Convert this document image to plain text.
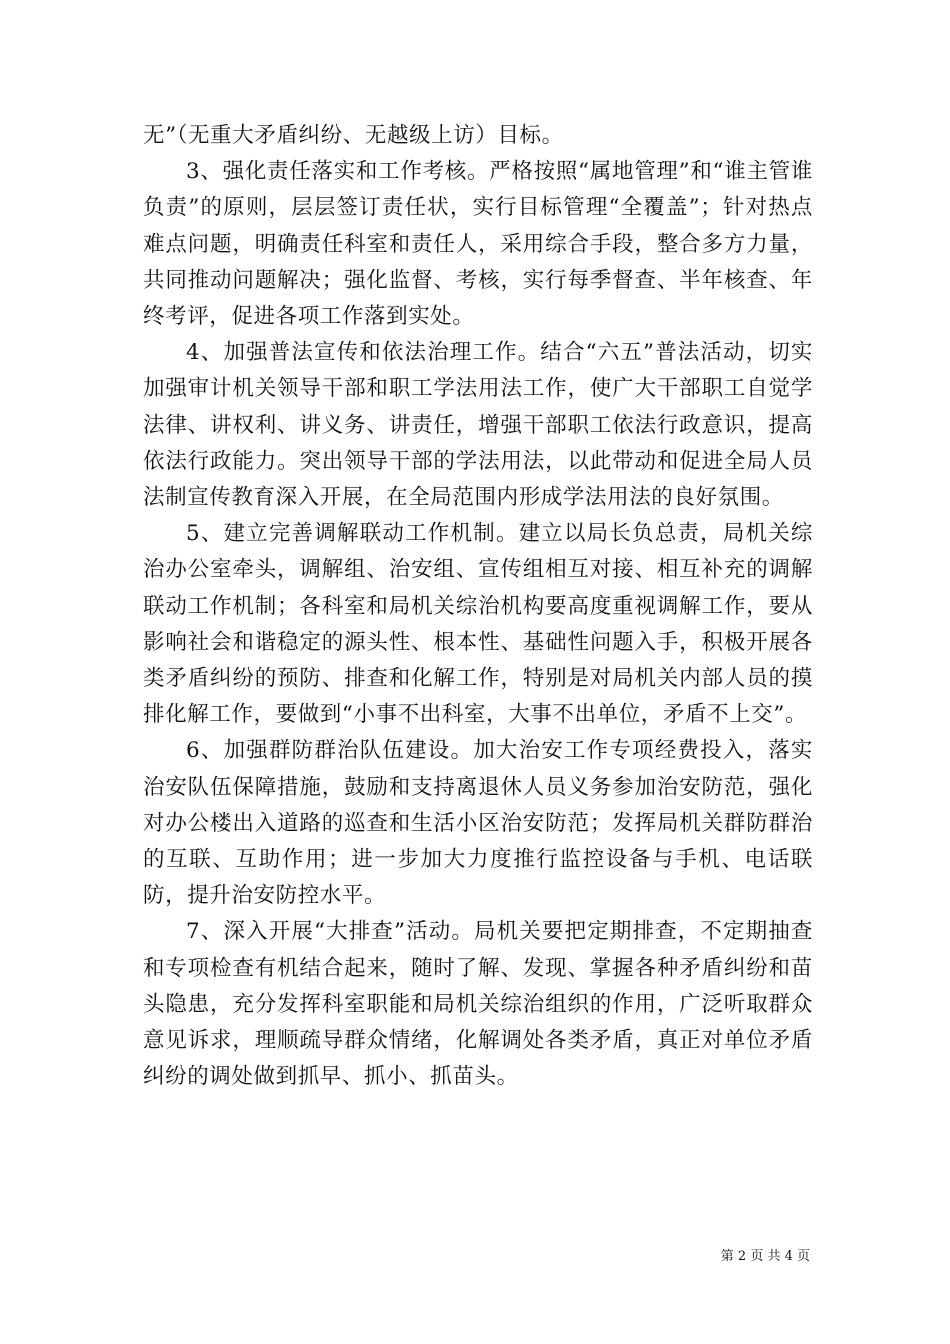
无”（无重大矛盾纠纷、无越级上访）目标。

3、强化责任落实和工作考核。严格按照“属地管理”和“谁主管谁负责”的原则，层层签订责任状，实行目标管理“全覆盖”；针对热点难点问题，明确责任科室和责任人，采用综合手段，整合多方力量，共同推动问题解决；强化监督、考核，实行每季督查、半年核查、年终考评，促进各项工作落到实处。

4、加强普法宣传和依法治理工作。结合“六五”普法活动，切实加强审计机关领导干部和职工学法用法工作，使广大干部职工自觉学法律、讲权利、讲义务、讲责任，增强干部职工依法行政意识，提高依法行政能力。突出领导干部的学法用法，以此带动和促进全局人员法制宣传教育深入开展，在全局范围内形成学法用法的良好氛围。

5、建立完善调解联动工作机制。建立以局长负总责，局机关综治办公室牵头，调解组、治安组、宣传组相互对接、相互补充的调解联动工作机制；各科室和局机关综治机构要高度重视调解工作，要从影响社会和谐稳定的源头性、根本性、基础性问题入手，积极开展各类矛盾纠纷的预防、排查和化解工作，特别是对局机关内部人员的摸排化解工作，要做到“小事不出科室，大事不出单位，矛盾不上交”。

6、加强群防群治队伍建设。加大治安工作专项经费投入，落实治安队伍保障措施，鼓励和支持离退休人员义务参加治安防范，强化对办公楼出入道路的巡查和生活小区治安防范；发挥局机关群防群治的互联、互助作用；进一步加大力度推行监控设备与手机、电话联防，提升治安防控水平。

7、深入开展“大排查”活动。局机关要把定期排查，不定期抽查和专项检查有机结合起来，随时了解、发现、掌握各种矛盾纠纷和苗头隐患，充分发挥科室职能和局机关综治组织的作用，广泛听取群众意见诉求，理顺疏导群众情绪，化解调处各类矛盾，真正对单位矛盾纠纷的调处做到抓早、抓小、抓苗头。

第 2 页 共 4 页
